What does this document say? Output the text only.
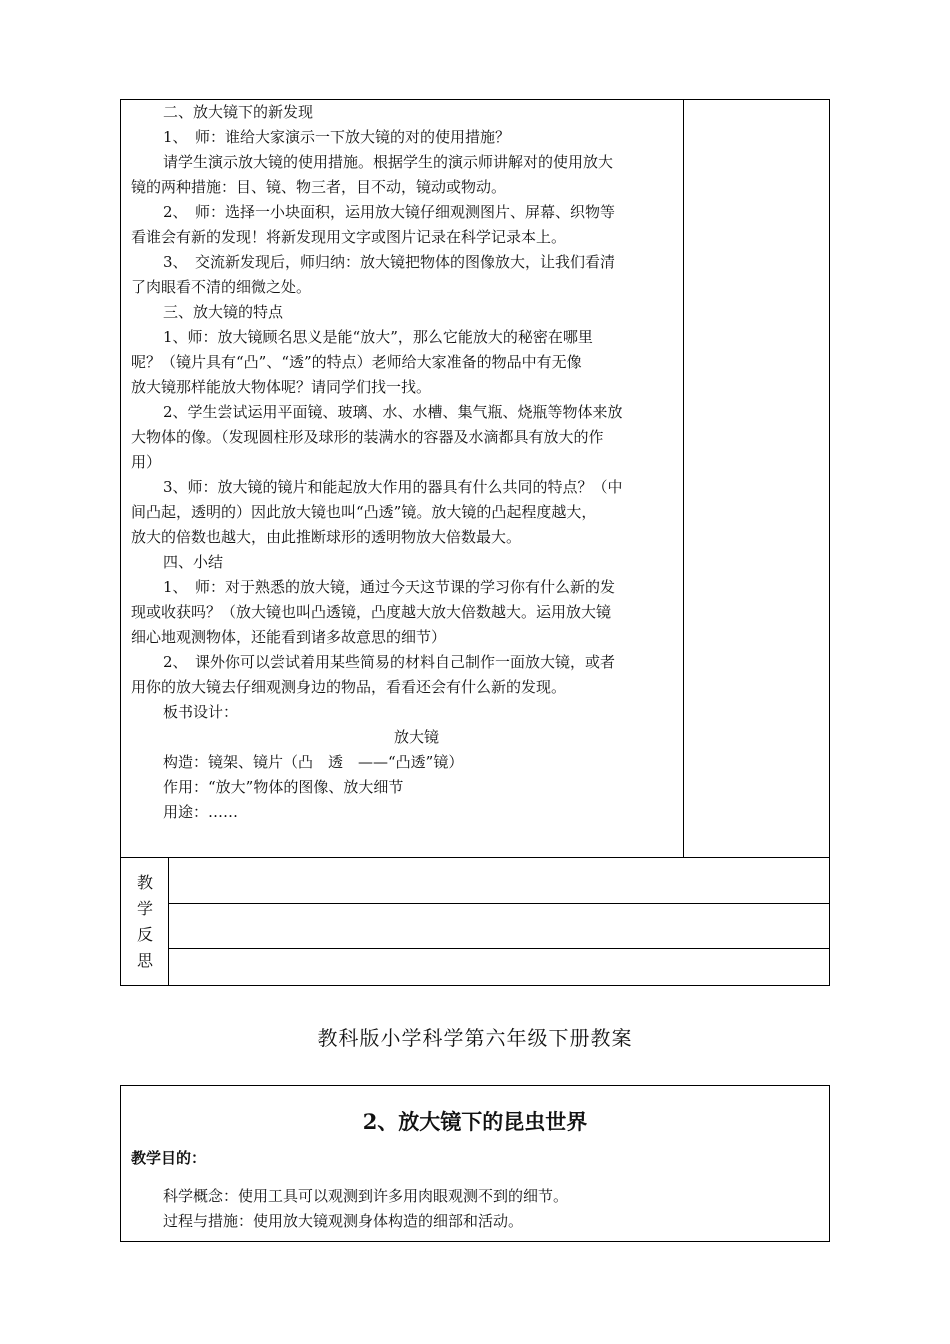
二、放大镜下的新发现
1、　师：谁给大家演示一下放大镜的对的使用措施？
请学生演示放大镜的使用措施。根据学生的演示师讲解对的使用放大
镜的两种措施：目、镜、物三者，目不动，镜动或物动。
2、　师：选择一小块面积，运用放大镜仔细观测图片、屏幕、织物等
看谁会有新的发现！将新发现用文字或图片记录在科学记录本上。
3、　交流新发现后，师归纳：放大镜把物体的图像放大，让我们看清
了肉眼看不清的细微之处。
三、放大镜的特点
1、师：放大镜顾名思义是能“放大”，那么它能放大的秘密在哪里
呢？（镜片具有“凸”、“透”的特点）老师给大家准备的物品中有无像
放大镜那样能放大物体呢？请同学们找一找。
2、学生尝试运用平面镜、玻璃、水、水槽、集气瓶、烧瓶等物体来放
大物体的像。（发现圆柱形及球形的装满水的容器及水滴都具有放大的作
用）
3、师：放大镜的镜片和能起放大作用的器具有什么共同的特点？（中
间凸起，透明的）因此放大镜也叫“凸透”镜。放大镜的凸起程度越大，
放大的倍数也越大，由此推断球形的透明物放大倍数最大。
四、小结
1、　师：对于熟悉的放大镜，通过今天这节课的学习你有什么新的发
现或收获吗？（放大镜也叫凸透镜，凸度越大放大倍数越大。运用放大镜
细心地观测物体，还能看到诸多故意思的细节）
2、　课外你可以尝试着用某些简易的材料自己制作一面放大镜，或者
用你的放大镜去仔细观测身边的物品，看看还会有什么新的发现。
板书设计：
放大镜
构造：镜架、镜片（凸　透　——“凸透”镜）
作用：“放大”物体的图像、放大细节
用途：……
教
学
反
思
教科版小学科学第六年级下册教案
2、放大镜下的昆虫世界
教学目的：
科学概念：使用工具可以观测到许多用肉眼观测不到的细节。
过程与措施：使用放大镜观测身体构造的细部和活动。
